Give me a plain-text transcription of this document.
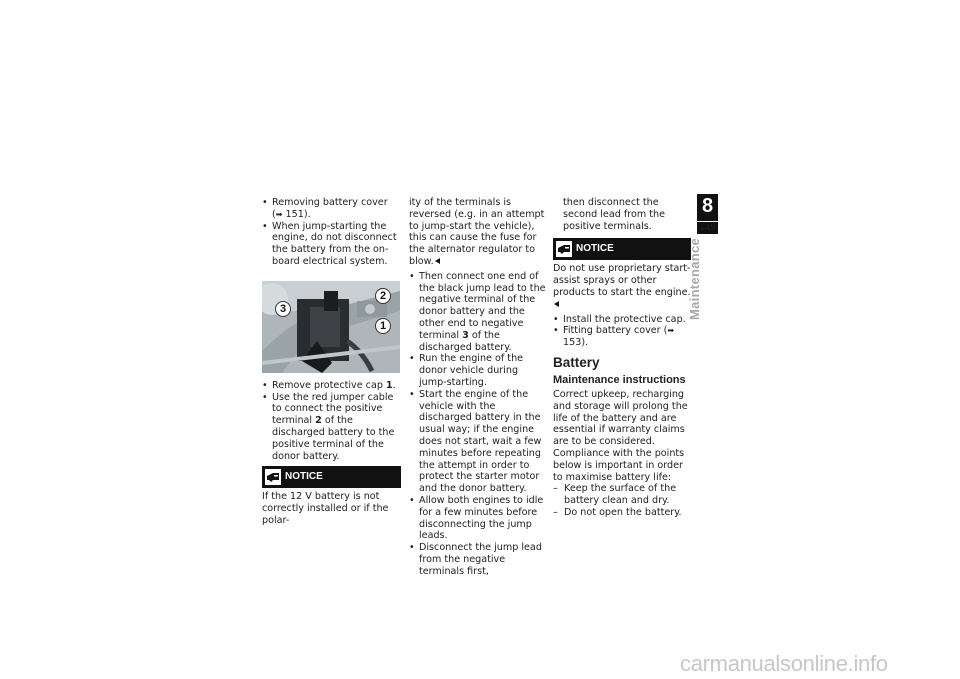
• Removing battery cover
(➡ 151).
• When jump-starting the engine, do not disconnect the battery from the on-board electrical system.
3
2
1
• Remove protective cap 1.
• Use the red jumper cable to connect the positive terminal 2 of the discharged battery to the positive terminal of the donor battery.
NOTICE

If the 12 V battery is not correctly installed or if the polar-

ity of the terminals is reversed (e.g. in an attempt to jump-start the vehicle), this can cause the fuse for the alternator regulator to blow.

• Then connect one end of the black jump lead to the negative terminal of the donor battery and the other end to negative terminal 3 of the discharged battery.
• Run the engine of the donor vehicle during jump-starting.
• Start the engine of the vehicle with the discharged battery in the usual way; if the engine does not start, wait a few minutes before repeating the attempt in order to protect the starter motor and the donor battery.
• Allow both engines to idle for a few minutes before disconnecting the jump leads.
• Disconnect the jump lead from the negative terminals first,

then disconnect the second lead from the positive terminals.

NOTICE

Do not use proprietary start-assist sprays or other products to start the engine.

• Install the protective cap.
• Fitting battery cover (➡ 153).
Battery
Maintenance instructions

Correct upkeep, recharging and storage will prolong the life of the battery and are essential if warranty claims are to be considered.

Compliance with the points below is important in order to maximise battery life:

– Keep the surface of the battery clean and dry.
– Do not open the battery.
8
149
Maintenance
carmanualsonline.info
